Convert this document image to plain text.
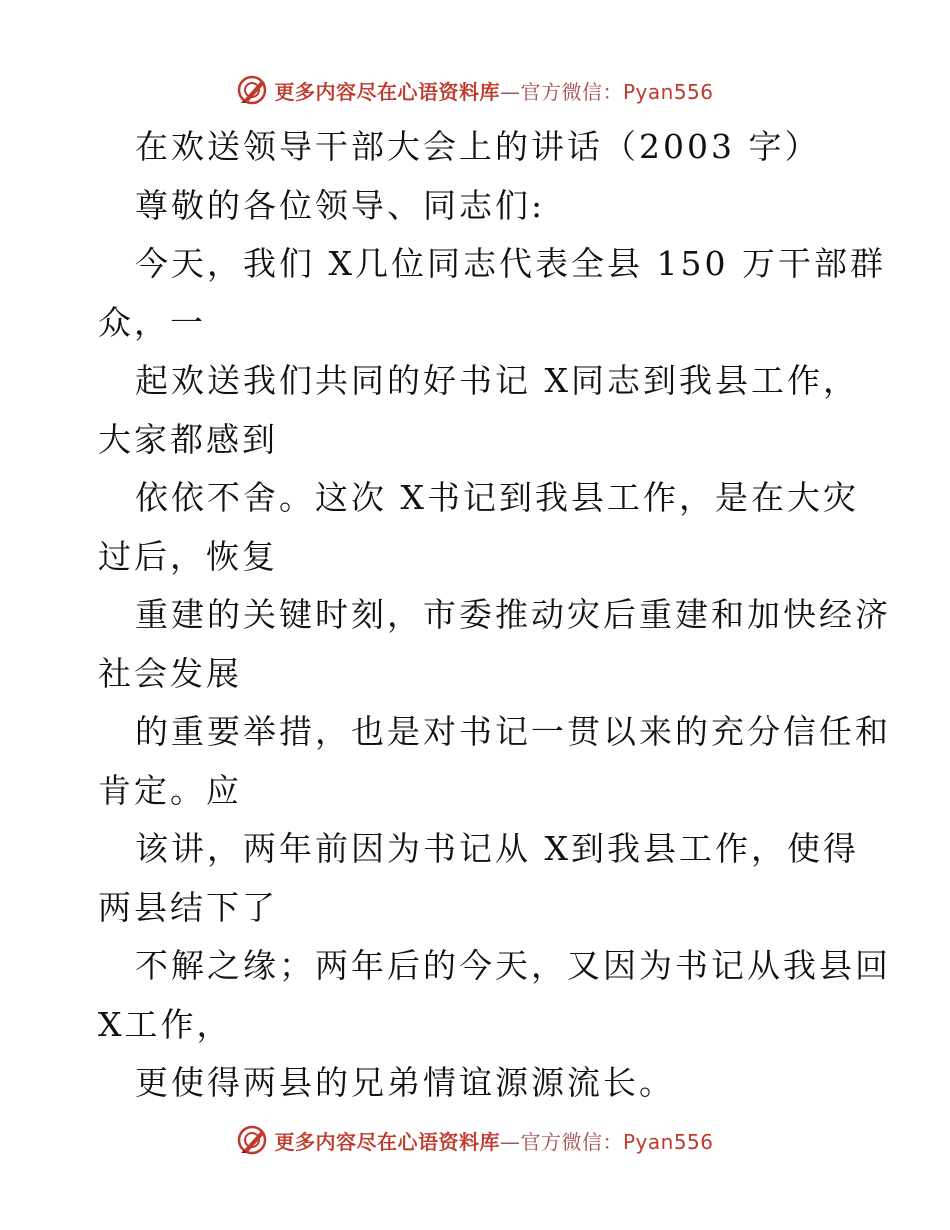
更多内容尽在心语资料库—官方微信：Pyan556
在欢送领导干部大会上的讲话（2003 字）
尊敬的各位领导、同志们:
今天，我们 X几位同志代表全县 150 万干部群
众，一
起欢送我们共同的好书记 X同志到我县工作，
大家都感到
依依不舍。这次 X书记到我县工作，是在大灾
过后，恢复
重建的关键时刻，市委推动灾后重建和加快经济
社会发展
的重要举措，也是对书记一贯以来的充分信任和
肯定。应
该讲，两年前因为书记从 X到我县工作，使得
两县结下了
不解之缘；两年后的今天，又因为书记从我县回
X工作，
更使得两县的兄弟情谊源源流长。
更多内容尽在心语资料库—官方微信：Pyan556
